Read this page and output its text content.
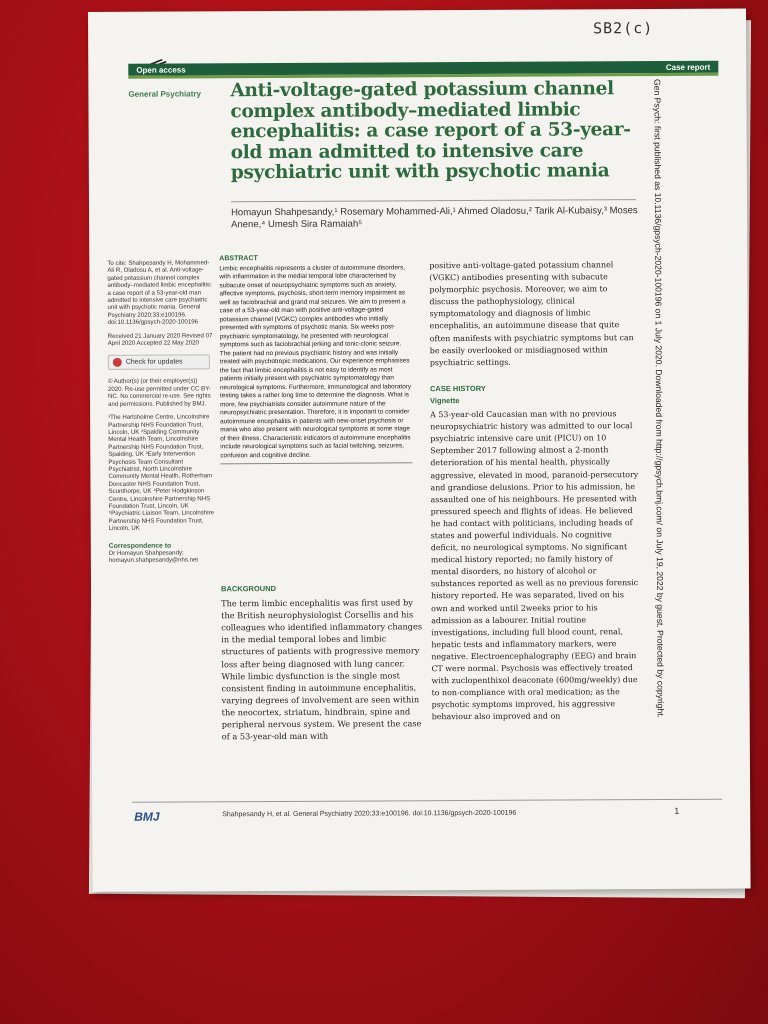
SB2(c)
Open access	Case report
General Psychiatry Anti-voltage-gated potassium channel complex antibody–mediated limbic encephalitis: a case report of a 53-year-old man admitted to intensive care psychiatric unit with psychotic mania
Homayun Shahpesandy,¹ Rosemary Mohammed-Ali,¹ Ahmed Oladosu,² Tarik Al-Kubaisy,³ Moses Anene,⁴ Umesh Sira Ramaiah⁵	Gen Psych: first published as 10.1136/gpsych-2020-100196 on 1 July 2020. Downloaded from http://gpsych.bmj.com/ on July 19, 2022 by guest. Protected by copyright.

To cite: Shahpesandy H, Mohammed-Ali R, Oladosu A, et al. Anti-voltage-gated potassium channel complex antibody–mediated limbic encephalitis: a case report of a 53-year-old man admitted to intensive care psychiatric unit with psychotic mania. General Psychiatry 2020;33:e100196. doi:10.1136/gpsych-2020-100196

Received 21 January 2020 Revised 07 April 2020 Accepted 22 May 2020

Check for updates

© Author(s) (or their employer(s)) 2020. Re-use permitted under CC BY-NC. No commercial re-use. See rights and permissions. Published by BMJ.

¹The Hartsholme Centre, Lincolnshire Partnership NHS Foundation Trust, Lincoln, UK ²Spalding Community Mental Health Team, Lincolnshire Partnership NHS Foundation Trust, Spalding, UK ³Early Intervention Psychosis Team Consultant Psychiatrist, North Lincolnshire Community Mental Health, Rotherham Doncaster NHS Foundation Trust, Scunthorpe, UK ⁴Peter Hodgkinson Centre, Lincolnshire Partnership NHS Foundation Trust, Lincoln, UK ⁵Psychiatric Liaison Team, Lincolnshire Partnership NHS Foundation Trust, Lincoln, UK

Correspondence to

Dr Homayun Shahpesandy; homayun.shahpesandy@nhs.net

ABSTRACT
Limbic encephalitis represents a cluster of autoimmune disorders, with inflammation in the medial temporal lobe characterised by subacute onset of neuropsychiatric symptoms such as anxiety, affective symptoms, psychosis, short-term memory impairment as well as faciobrachial and grand mal seizures. We aim to present a case of a 53-year-old man with positive anti-voltage-gated potassium channel (VGKC) complex antibodies who initially presented with symptoms of psychotic mania. Six weeks post-psychiatric symptomatology, he presented with neurological symptoms such as faciobrachial jerking and tonic-clonic seizure. The patient had no previous psychiatric history and was initially treated with psychotropic medications. Our experience emphasises the fact that limbic encephalitis is not easy to identify as most patients initially present with psychiatric symptomatology than neurological symptoms. Furthermore, immunological and laboratory testing takes a rather long time to determine the diagnosis. What is more, few psychiatrists consider autoimmune nature of the neuropsychiatric presentation. Therefore, it is important to consider autoimmune encephalitis in patients with new-onset psychosis or mania who also present with neurological symptoms at some stage of their illness. Characteristic indicators of autoimmune encephalitis include neurological symptoms such as facial twitching, seizures, confusion and cognitive decline.
BACKGROUND
The term limbic encephalitis was first used by the British neurophysiologist Corsellis and his colleagues who identified inflammatory changes in the medial temporal lobes and limbic structures of patients with progressive memory loss after being diagnosed with lung cancer. While limbic dysfunction is the single most consistent finding in autoimmune encephalitis, varying degrees of involvement are seen within the neocortex, striatum, hindbrain, spine and peripheral nervous system. We present the case of a 53-year-old man with
positive anti-voltage-gated potassium channel (VGKC) antibodies presenting with subacute polymorphic psychosis. Moreover, we aim to discuss the pathophysiology, clinical symptomatology and diagnosis of limbic encephalitis, an autoimmune disease that quite often manifests with psychiatric symptoms but can be easily overlooked or misdiagnosed within psychiatric settings.
CASE HISTORY
Vignette
A 53-year-old Caucasian man with no previous neuropsychiatric history was admitted to our local psychiatric intensive care unit (PICU) on 10 September 2017 following almost a 2-month deterioration of his mental health, physically aggressive, elevated in mood, paranoid-persecutory and grandiose delusions. Prior to his admission, he assaulted one of his neighbours. He presented with pressured speech and flights of ideas. He believed he had contact with politicians, including heads of states and powerful individuals. No cognitive deficit, no neurological symptoms. No significant medical history reported; no family history of mental disorders, no history of alcohol or substances reported as well as no previous forensic history reported. He was separated, lived on his own and worked until 2weeks prior to his admission as a labourer. Initial routine investigations, including full blood count, renal, hepatic tests and inflammatory markers, were negative. Electroencephalography (EEG) and brain CT were normal. Psychosis was effectively treated with zuclopenthixol deaconate (600mg/weekly) due to non-compliance with oral medication; as the psychotic symptoms improved, his aggressive behaviour also improved and on
BMJ	Shahpesandy H, et al. General Psychiatry 2020;33:e100196. doi:10.1136/gpsych-2020-100196	1
